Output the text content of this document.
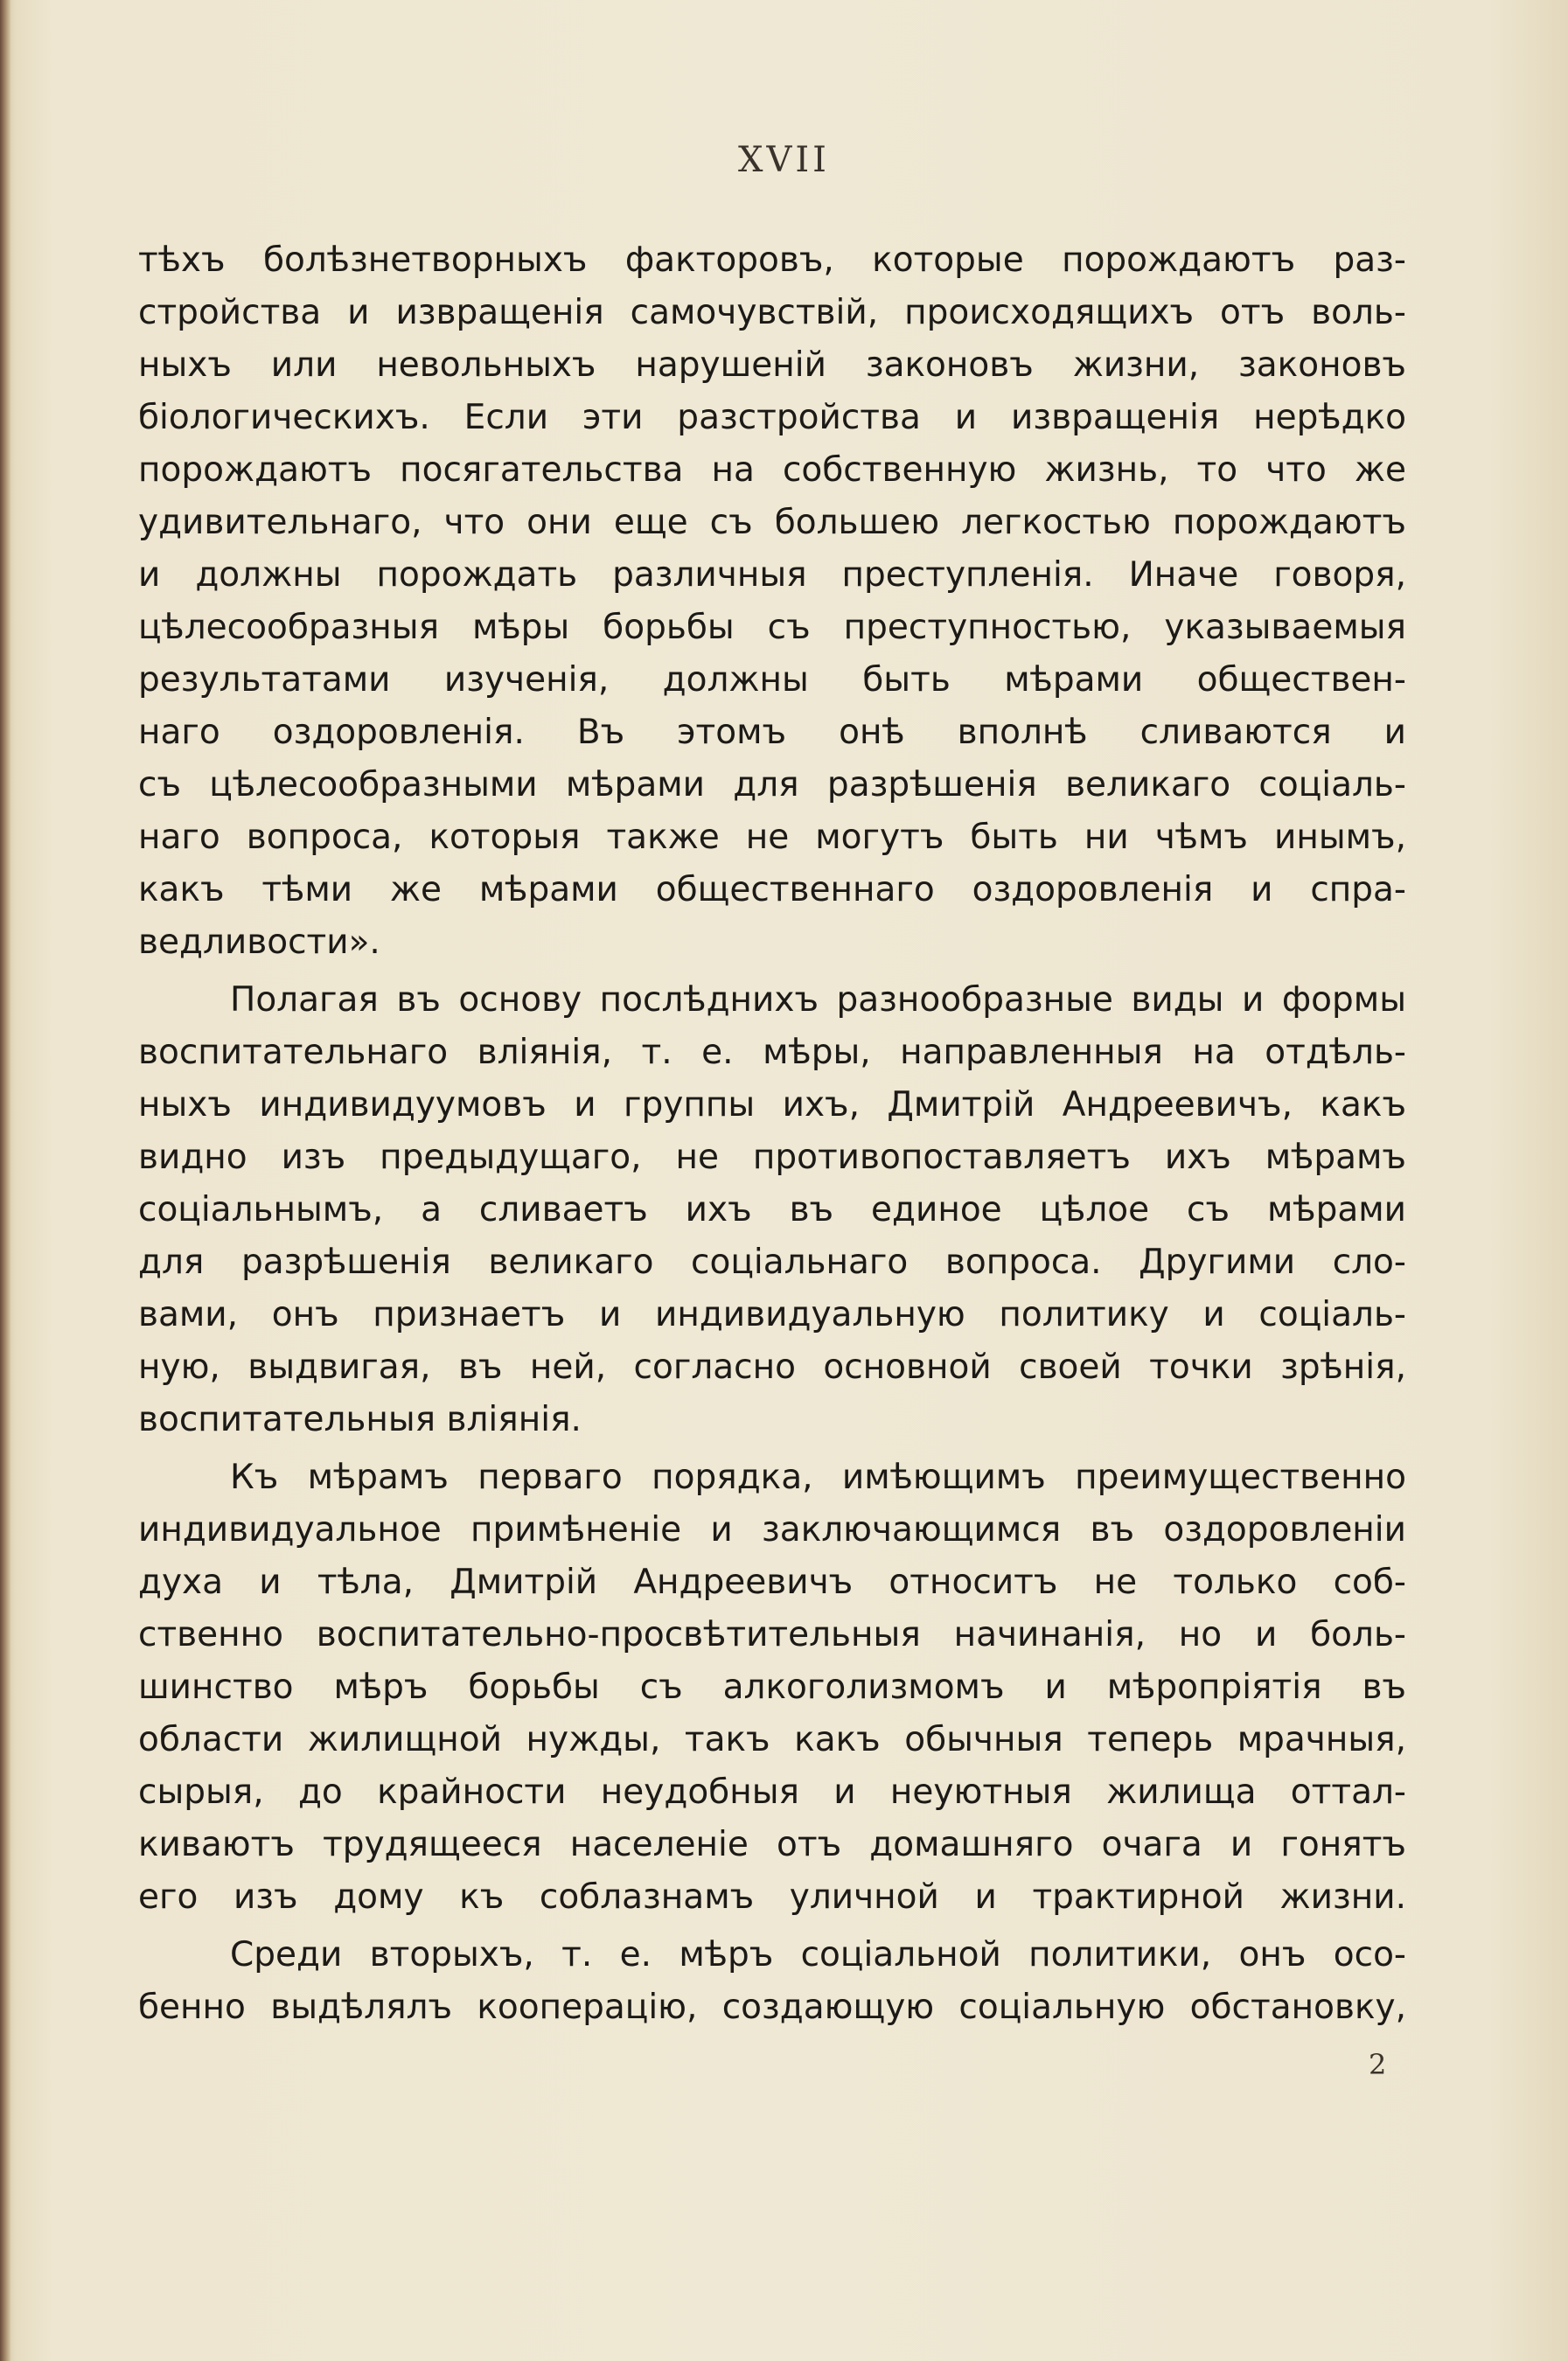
XVII
тѣхъ болѣзнетворныхъ факторовъ, которые порождаютъ раз-
стройства и извращенія самочувствій, происходящихъ отъ воль-
ныхъ или невольныхъ нарушеній законовъ жизни, законовъ
біологическихъ. Если эти разстройства и извращенія нерѣдко
порождаютъ посягательства на собственную жизнь, то что же
удивительнаго, что они еще съ большею легкостью порождаютъ
и должны порождать различныя преступленія. Иначе говоря,
цѣлесообразныя мѣры борьбы съ преступностью, указываемыя
результатами изученія, должны быть мѣрами обществен-
наго оздоровленія. Въ этомъ онѣ вполнѣ сливаются и
съ цѣлесообразными мѣрами для разрѣшенія великаго соціаль-
наго вопроса, которыя также не могутъ быть ни чѣмъ инымъ,
какъ тѣми же мѣрами общественнаго оздоровленія и спра-
ведливости».
Полагая въ основу послѣднихъ разнообразные виды и формы
воспитательнаго вліянія, т. е. мѣры, направленныя на отдѣль-
ныхъ индивидуумовъ и группы ихъ, Дмитрій Андреевичъ, какъ
видно изъ предыдущаго, не противопоставляетъ ихъ мѣрамъ
соціальнымъ, а сливаетъ ихъ въ единое цѣлое съ мѣрами
для разрѣшенія великаго соціальнаго вопроса. Другими сло-
вами, онъ признаетъ и индивидуальную политику и соціаль-
ную, выдвигая, въ ней, согласно основной своей точки зрѣнія,
воспитательныя вліянія.
Къ мѣрамъ перваго порядка, имѣющимъ преимущественно
индивидуальное примѣненіе и заключающимся въ оздоровленіи
духа и тѣла, Дмитрій Андреевичъ относитъ не только соб-
ственно воспитательно-просвѣтительныя начинанія, но и боль-
шинство мѣръ борьбы съ алкоголизмомъ и мѣропріятія въ
области жилищной нужды, такъ какъ обычныя теперь мрачныя,
сырыя, до крайности неудобныя и неуютныя жилища оттал-
киваютъ трудящееся населеніе отъ домашняго очага и гонятъ
его изъ дому къ соблазнамъ уличной и трактирной жизни.
Среди вторыхъ, т. е. мѣръ соціальной политики, онъ осо-
бенно выдѣлялъ кооперацію, создающую соціальную обстановку,
2
